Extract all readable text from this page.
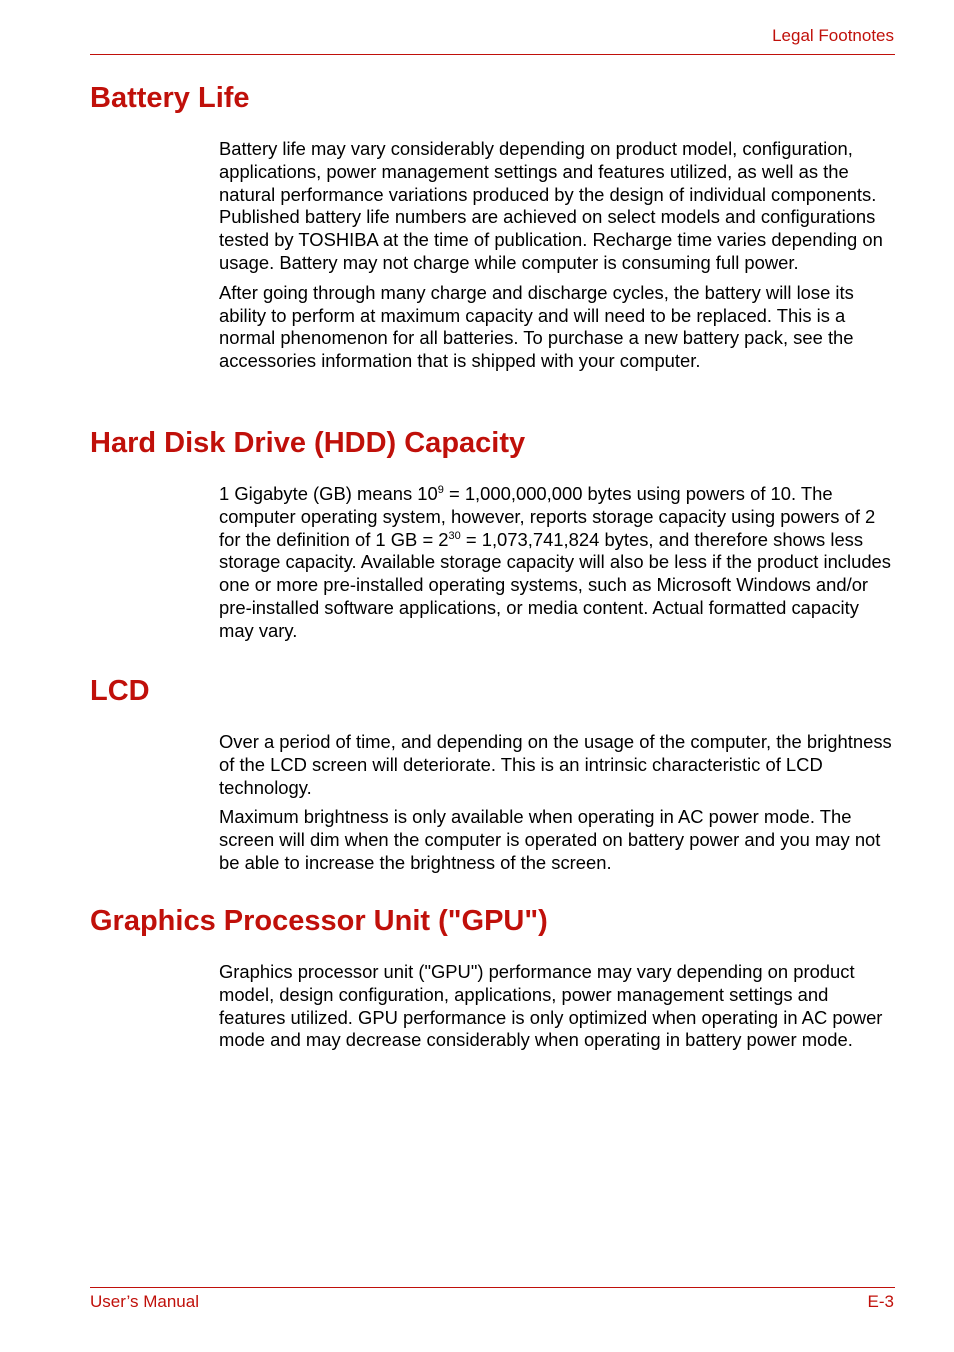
Legal Footnotes
Battery Life

Battery life may vary considerably depending on product model, configuration, applications, power management settings and features utilized, as well as the natural performance variations produced by the design of individual components. Published battery life numbers are achieved on select models and configurations tested by TOSHIBA at the time of publication. Recharge time varies depending on usage. Battery may not charge while computer is consuming full power.

After going through many charge and discharge cycles, the battery will lose its ability to perform at maximum capacity and will need to be replaced. This is a normal phenomenon for all batteries. To purchase a new battery pack, see the accessories information that is shipped with your computer.

Hard Disk Drive (HDD) Capacity

1 Gigabyte (GB) means $10^9 = 1,000,000,000$ bytes using powers of 10. The computer operating system, however, reports storage capacity using powers of 2 for the definition of 1 GB = $2^{30} = 1,073,741,824$ bytes, and therefore shows less storage capacity. Available storage capacity will also be less if the product includes one or more pre-installed operating systems, such as Microsoft Windows and/or pre-installed software applications, or media content. Actual formatted capacity may vary.

LCD

Over a period of time, and depending on the usage of the computer, the brightness of the LCD screen will deteriorate. This is an intrinsic characteristic of LCD technology.

Maximum brightness is only available when operating in AC power mode. The screen will dim when the computer is operated on battery power and you may not be able to increase the brightness of the screen.

Graphics Processor Unit ("GPU")

Graphics processor unit ("GPU") performance may vary depending on product model, design configuration, applications, power management settings and features utilized. GPU performance is only optimized when operating in AC power mode and may decrease considerably when operating in battery power mode.

User’s Manual	E-3
